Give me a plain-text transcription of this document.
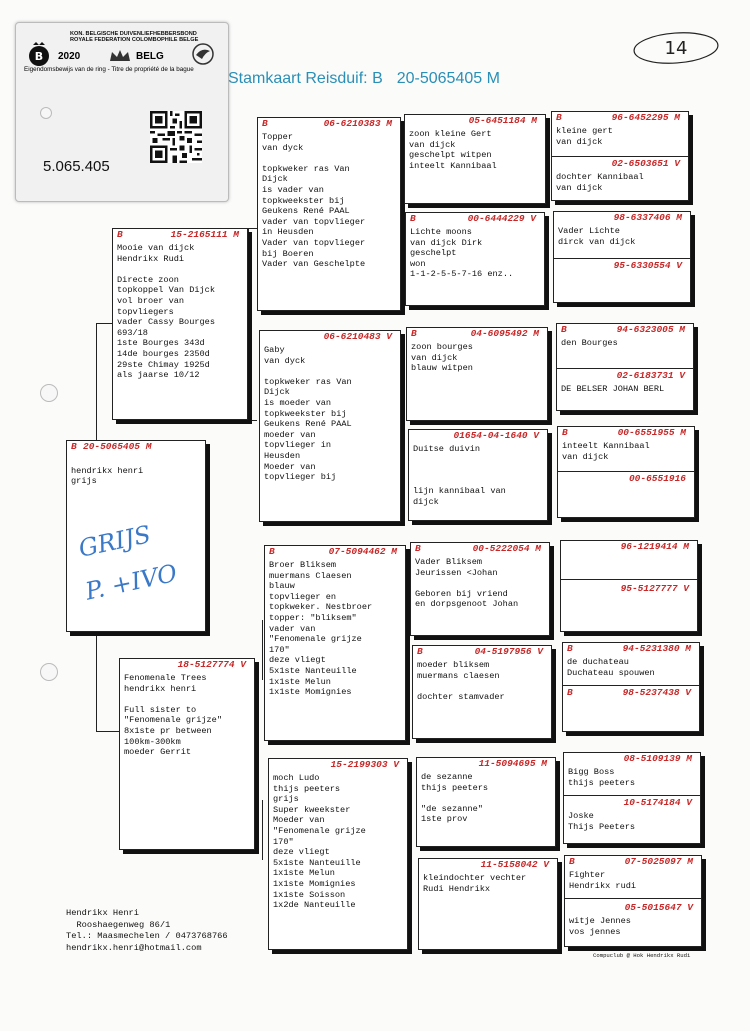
B
KON. BELGISCHE DUIVENLIEFHEBBERSBOND
ROYALE FEDERATION COLOMBOPHILE BELGE
2020	BELG
Eigendomsbewijs van de ring - Titre de propriété de la bague
5.065.405
Stamkaart Reisduif: B 20-5065405 M
14
B 20-5065405 M

hendrikx henri
grijs
GRIJS
P. +IVO
B	15-2165111 M
Mooie van dijck
Hendrikx Rudi

Directe zoon
topkoppel Van Dijck
vol broer van
topvliegers
vader Cassy Bourges
693/18
1ste Bourges 343d
14de bourges 2350d
29ste Chimay 1925d
als jaarse 10/12
18-5127774 V
Fenomenale Trees
hendrikx henri

Full sister to
"Fenomenale grijze"
8x1ste pr between
100km-300km
moeder Gerrit
B	06-6210383 M
Topper
van dyck

topkweker ras Van
Dijck
is vader van
topkweekster bij
Geukens René PAAL
vader van topvlieger
in Heusden
Vader van topvlieger
bij Boeren
Vader van Geschelpte
06-6210483 V
Gaby
van dyck

topkweker ras Van
Dijck
is moeder van
topkweekster bij
Geukens René PAAL
moeder van
topvlieger in
Heusden
Moeder van
topvlieger bij
B	07-5094462 M
Broer Bliksem
muermans Claesen
blauw
topvlieger en
topkweker. Nestbroer
topper: "bliksem"
vader van
"Fenomenale grijze
170"
deze vliegt
5x1ste Nanteuille
1x1ste Melun
1x1ste Momignies
15-2199303 V
moch Ludo
thijs peeters
grijs
Super kweekster
Moeder van
"Fenomenale grijze
170"
deze vliegt
5x1ste Nanteuille
1x1ste Melun
1x1ste Momignies
1x1ste Soisson
1x2de Nanteuille
05-6451184 M
zoon kleine Gert
van dijck
geschelpt witpen
inteelt Kannibaal
B	00-6444229 V
Lichte moons
van dijck Dirk
geschelpt
won
1-1-2-5-5-7-16 enz..
B	04-6095492 M
zoon bourges
van dijck
blauw witpen
01654-04-1640 V
Duitse duivin

lijn kannibaal van
dijck
B	00-5222054 M
Vader Bliksem
Jeurissen <Johan

Geboren bij vriend
en dorpsgenoot Johan
B	04-5197956 V
moeder bliksem
muermans claesen

dochter stamvader
11-5094695 M
de sezanne
thijs peeters

"de sezanne"
1ste prov
11-5158042 V
kleindochter vechter
Rudi Hendrikx
B	96-6452295 M
kleine gert
van dijck
02-6503651 V
dochter Kannibaal
van dijck
98-6337406 M
Vader Lichte
dirck van dijck
95-6330554 V
B	94-6323005 M
den Bourges
02-6183731 V
DE BELSER JOHAN BERL
B	00-6551955 M
inteelt Kannibaal
van dijck
00-6551916
96-1219414 M
95-5127777 V
B	94-5231380 M
de duchateau
Duchateau spouwen
B	98-5237438 V
08-5109139 M
Bigg Boss
thijs peeters
10-5174184 V
Joske
Thijs Peeters
B	07-5025097 M
Fighter
Hendrikx rudi
05-5015647 V
witje Jennes
vos jennes
Hendrikx Henri
Rooshaegenweg 86/1
Tel.: Maasmechelen / 0473768766
hendrikx.henri@hotmail.com
Compuclub @ Hok Hendrikx Rudi
